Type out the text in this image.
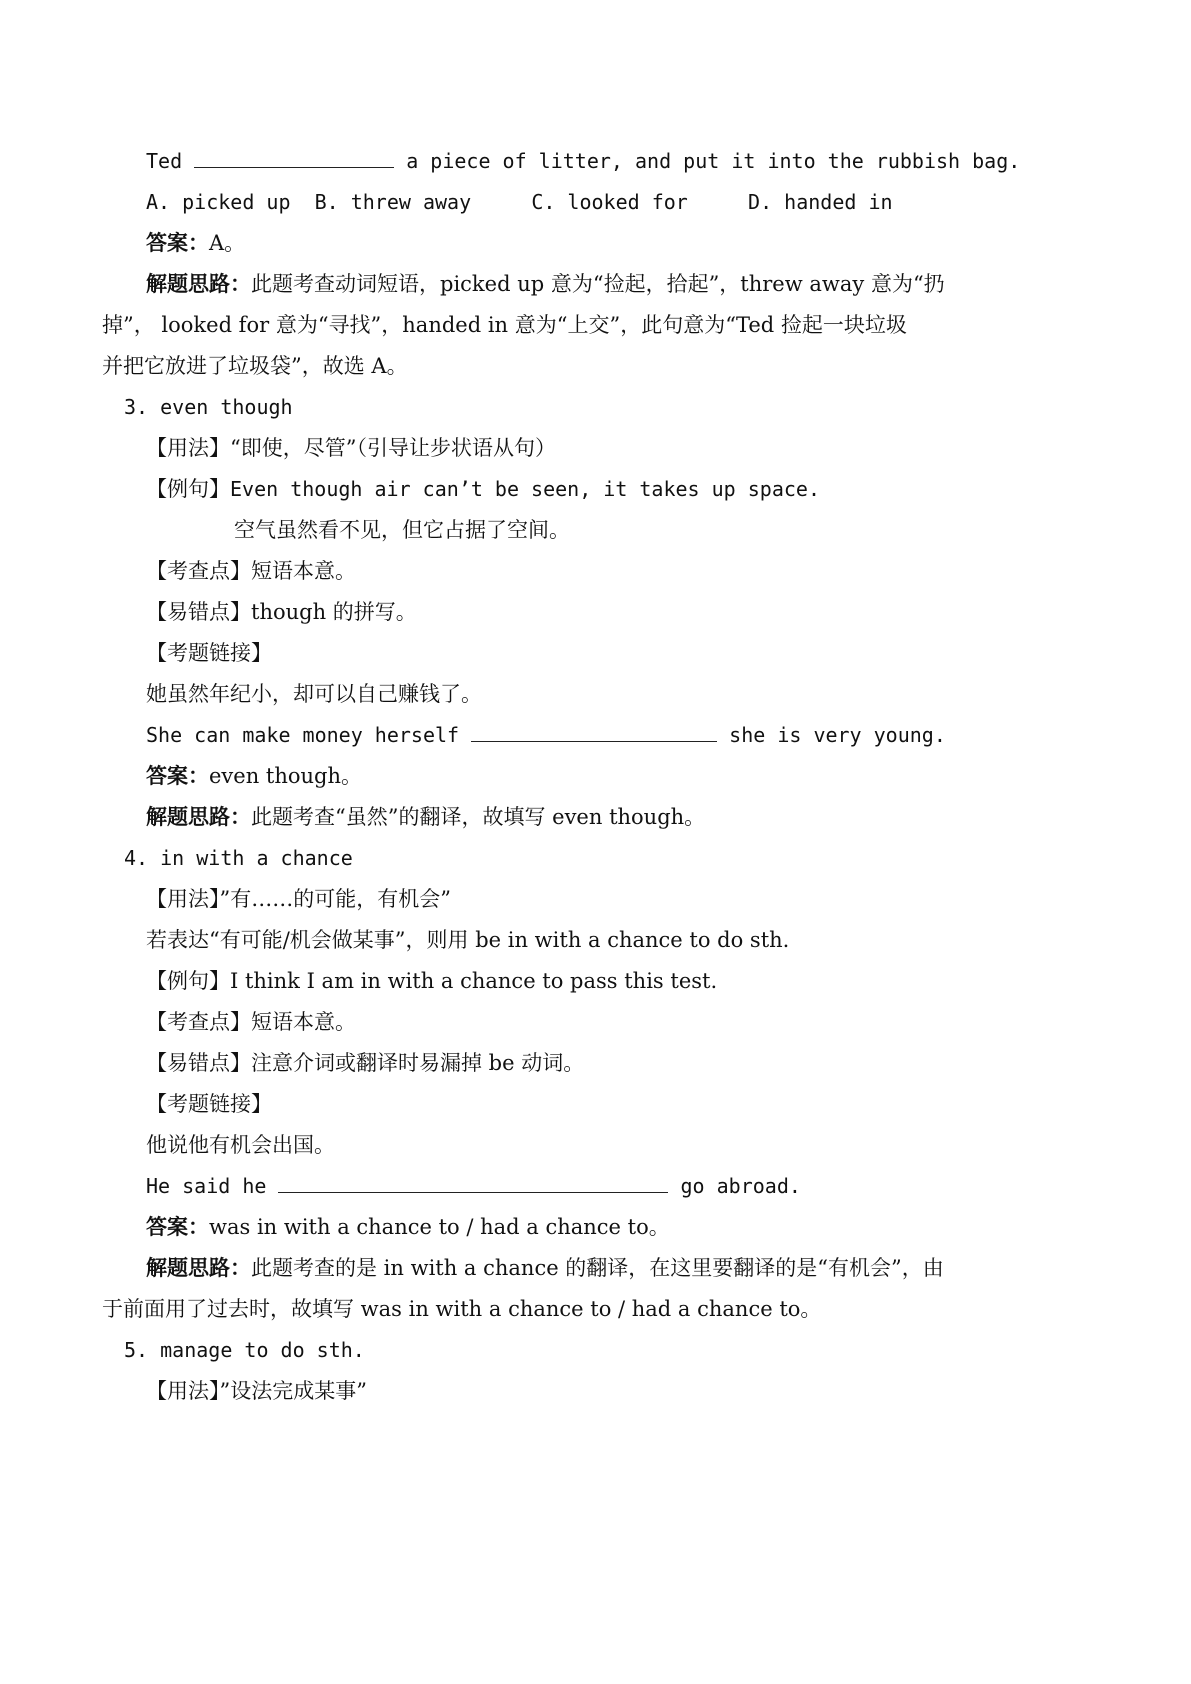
Ted	a piece of litter, and put it into the rubbish bag.
A. picked up  B. threw away     C. looked for     D. handed in
答案：A。
解题思路：此题考查动词短语，picked up 意为“捡起，拾起”，threw away 意为“扔
掉”， looked for 意为“寻找”，handed in 意为“上交”，此句意为“Ted 捡起一块垃圾
并把它放进了垃圾袋”，故选 A。
3. even though
【用法】“即使，尽管”（引导让步状语从句）
【例句】Even though air can’t be seen, it takes up space.
空气虽然看不见，但它占据了空间。
【考查点】短语本意。
【易错点】though 的拼写。
【考题链接】
她虽然年纪小，却可以自己赚钱了。
She can make money herself	she is very young.
答案：even though。
解题思路：此题考查“虽然”的翻译，故填写 even though。
4. in with a chance
【用法】”有……的可能，有机会”
若表达“有可能/机会做某事”，则用 be in with a chance to do sth.
【例句】I think I am in with a chance to pass this test.
【考查点】短语本意。
【易错点】注意介词或翻译时易漏掉 be 动词。
【考题链接】
他说他有机会出国。
He said he	go abroad.
答案：was in with a chance to / had a chance to。
解题思路：此题考查的是 in with a chance 的翻译，在这里要翻译的是“有机会”，由
于前面用了过去时，故填写 was in with a chance to / had a chance to。
5. manage to do sth.
【用法】”设法完成某事”
